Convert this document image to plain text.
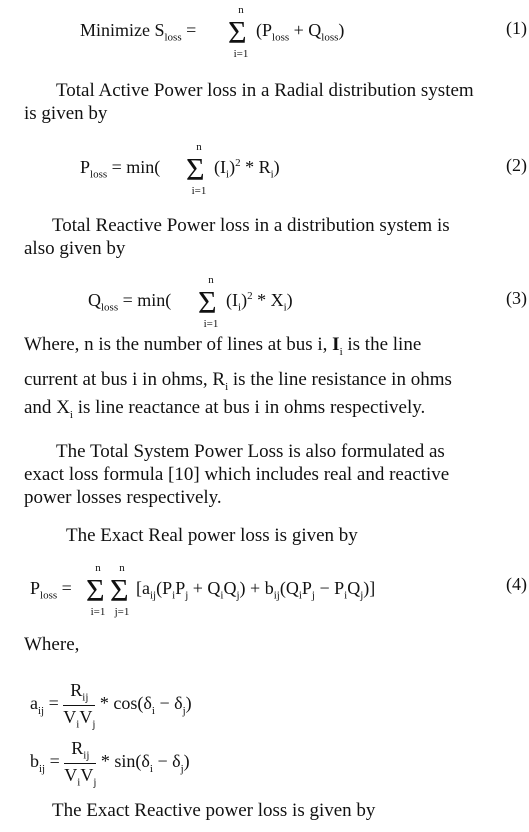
Minimize $S_{loss}$ =
n
Σ
i=1
$(P_{loss} + Q_{loss})$	(1)
Total Active Power loss in a Radial distribution system
is given by
$P_{loss} = \min$(
n
Σ
i=1
$(I_i)^2 * R_i$)	(2)
Total Reactive Power loss in a distribution system is
also given by
$Q_{loss} = \min$(
n
Σ
i=1
$(I_i)^2 * X_i$)	(3)
Where, n is the number of lines at bus i, $I_i$ is the line
current at bus i in ohms, $R_i$ is the line resistance in ohms
and $X_i$ is line reactance at bus i in ohms respectively.
The Total System Power Loss is also formulated as
exact loss formula [10] which includes real and reactive
power losses respectively.
The Exact Real power loss is given by
$P_{loss}$ =
n
Σ
i=1
n
Σ
j=1
$[a_{ij}(P_iP_j + Q_iQ_j) + b_{ij}(Q_iP_j - P_iQ_j)]$	(4)
Where,
$a_{ij} = \frac{R_{ij}}{V_iV_j} * \cos(\delta_i - \delta_j)$
$b_{ij} = \frac{R_{ij}}{V_iV_j} * \sin(\delta_i - \delta_j)$
The Exact Reactive power loss is given by
